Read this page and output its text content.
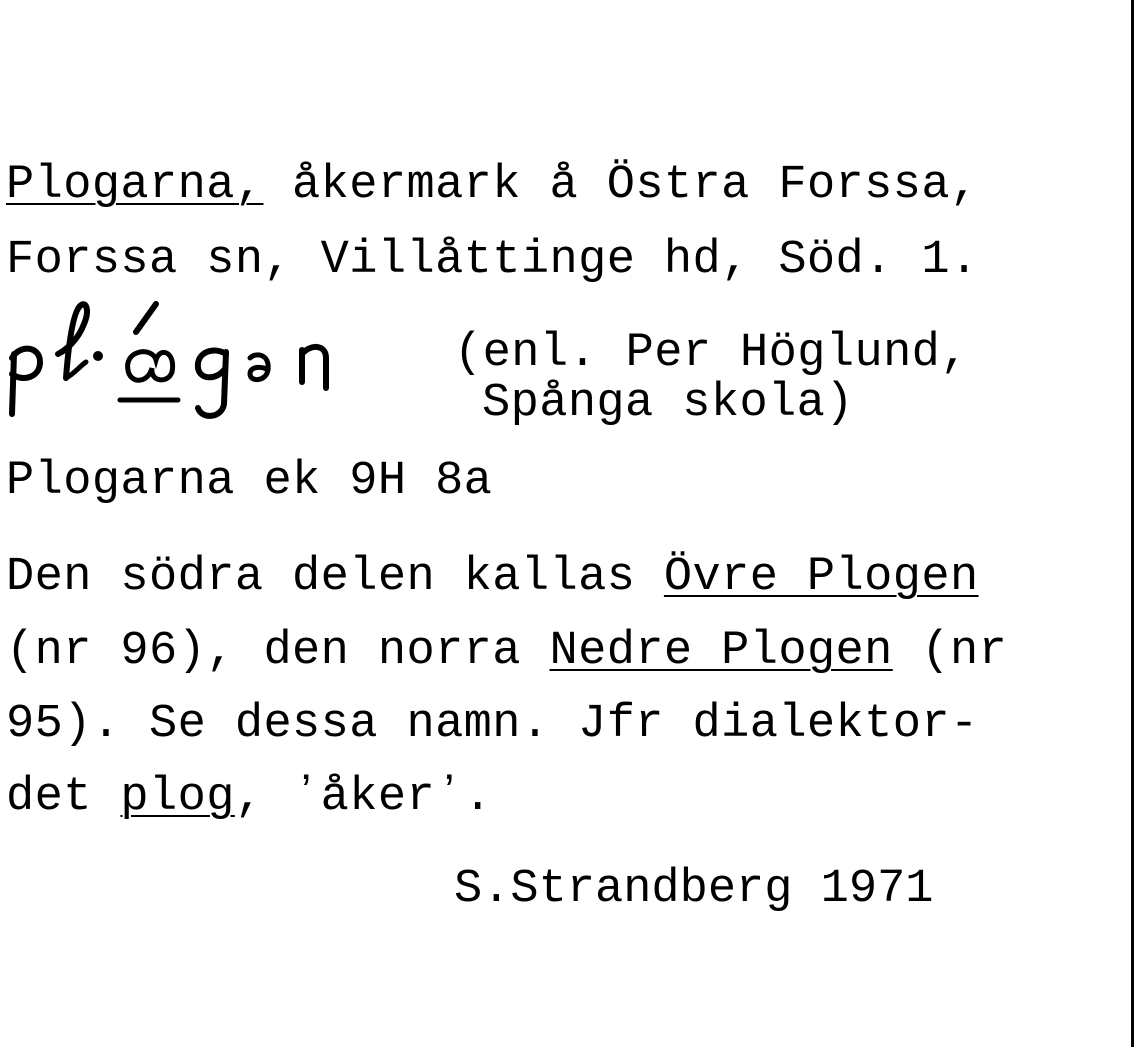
Plogarna, åkermark å Östra Forssa,
Forssa sn, Villåttinge hd, Söd. 1.
(enl. Per Höglund,
Spånga skola)
Plogarna ek 9H 8a
Den södra delen kallas Övre Plogen
(nr 96), den norra Nedre Plogen (nr
95). Se dessa namn. Jfr dialektor-
det plog, ʼåkerʼ.
S.Strandberg 1971
